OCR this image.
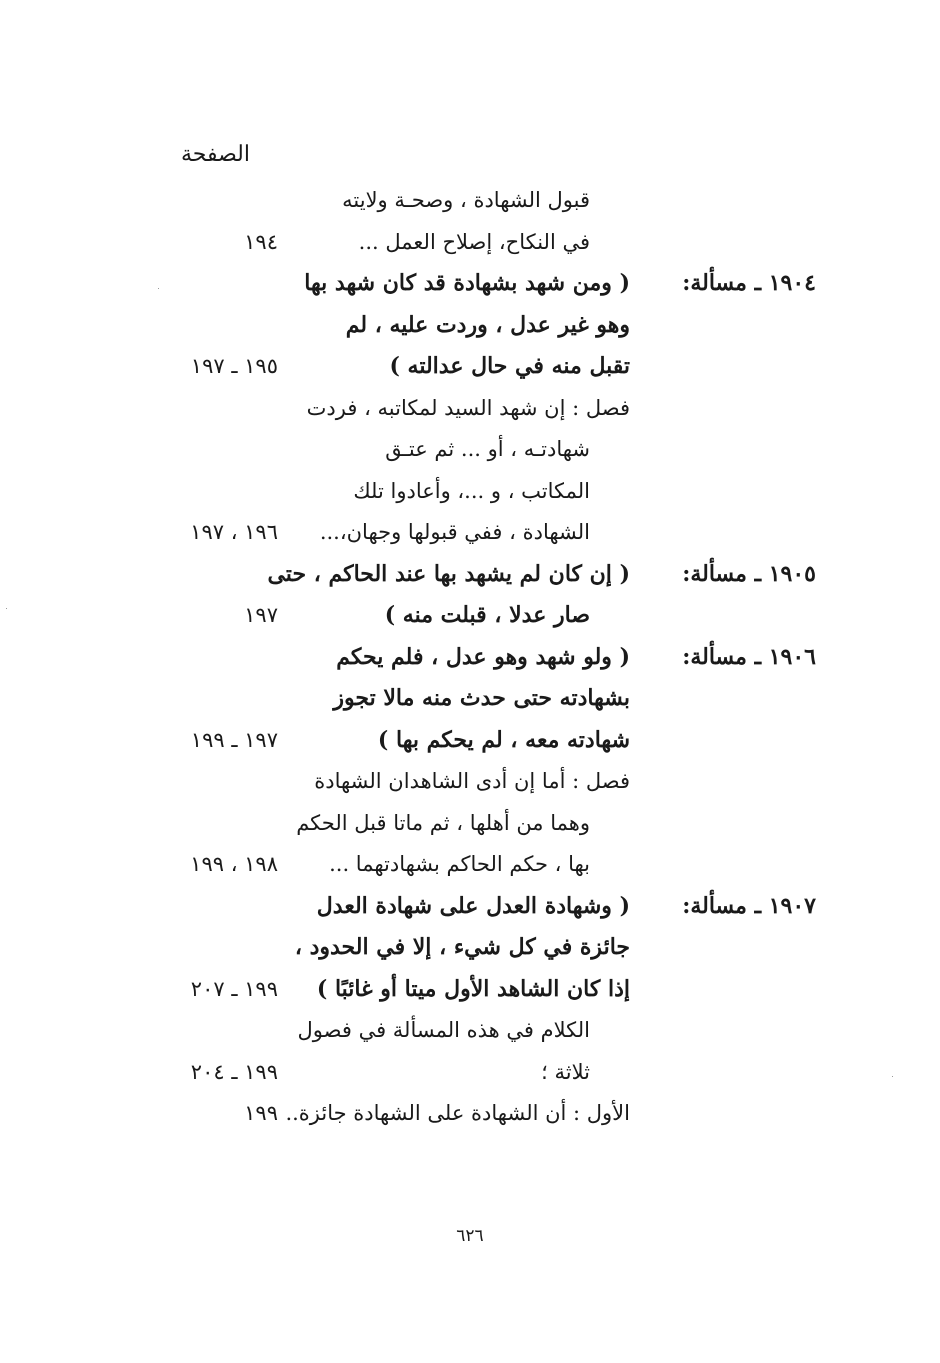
الصفحة
قبول الشهادة ، وصحـة ولايته
في النكاح، إصلاح العمل ...
١٩٤
١٩٠٤ ـ مسألة:
( ومن شهد بشهادة قد كان شهد بها
وهو غير عدل ، وردت عليه ، لم
تقبل منه في حال عدالته )
١٩٥ ـ ١٩٧
فصل : إن شهد السيد لمكاتبه ، فردت
شهادتـه ، أو ... ثم عتـق
المكاتب ، و ...، وأعادوا تلك
الشهادة ، ففي قبولها وجهان،...
١٩٦ ، ١٩٧
١٩٠٥ ـ مسألة:
( إن كان لم يشهد بها عند الحاكم ، حتى
صار عدلا ، قبلت منه )
١٩٧
١٩٠٦ ـ مسألة:
( ولو شهد وهو عدل ، فلم يحكم
بشهادته حتى حدث منه مالا تجوز
شهادته معه ، لم يحكم بها )
١٩٧ ـ ١٩٩
فصل : أما إن أدى الشاهدان الشهادة
وهما من أهلها ، ثم ماتا قبل الحكم
بها ، حكم الحاكم بشهادتهما ...
١٩٨ ، ١٩٩
١٩٠٧ ـ مسألة:
( وشهادة العدل على شهادة العدل
جائزة في كل شيء ، إلا في الحدود ،
إذا كان الشاهد الأول ميتا أو غائبًا )
١٩٩ ـ ٢٠٧
الكلام في هذه المسألة في فصول
ثلاثة ؛
١٩٩ ـ ٢٠٤
الأول : أن الشهادة على الشهادة جائزة..
١٩٩
٦٢٦
